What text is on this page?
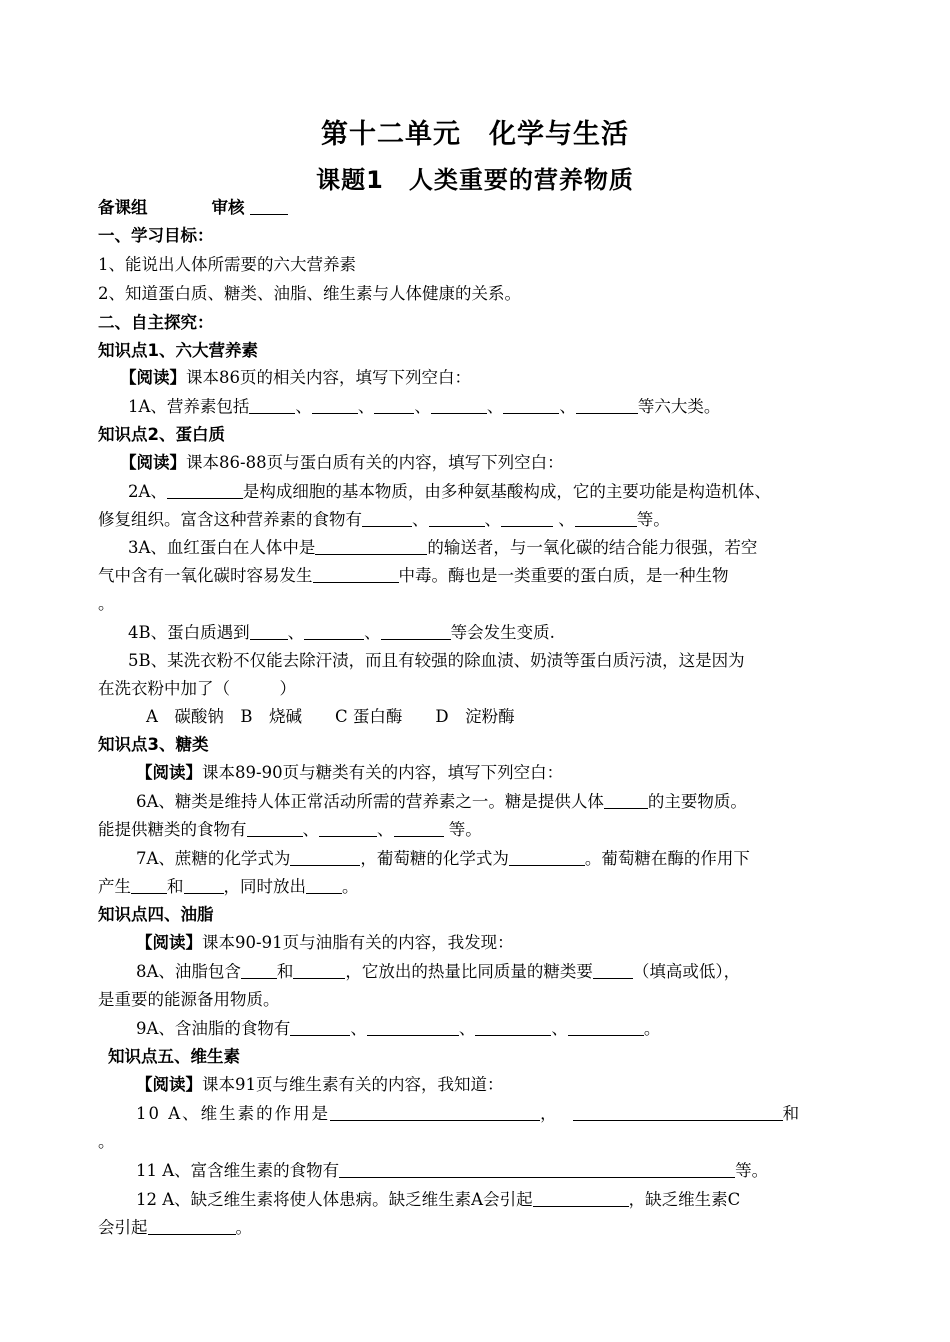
第十二单元　化学与生活
课题1　人类重要的营养物质
备课组	审核
一、学习目标：
1、能说出人体所需要的六大营养素
2、知道蛋白质、糖类、油脂、维生素与人体健康的关系。
二、自主探究：
知识点1、六大营养素
【阅读】课本86页的相关内容，填写下列空白：
1A、营养素包括	、	、 、	、	、	等六大类。
知识点2、蛋白质
【阅读】课本86-88页与蛋白质有关的内容，填写下列空白：
2A、	是构成细胞的基本物质，由多种氨基酸构成，它的主要功能是构造机体、
修复组织。富含这种营养素的食物有	、	、	、	等。
3A、血红蛋白在人体中是	的输送者，与一氧化碳的结合能力很强，若空
气中含有一氧化碳时容易发生	中毒。酶也是一类重要的蛋白质，是一种生物
。
4B、蛋白质遇到 、	、	等会发生变质.
5B、某洗衣粉不仅能去除汗渍，而且有较强的除血渍、奶渍等蛋白质污渍，这是因为
在洗衣粉中加了（　　　）
A　碳酸钠　B　烧碱　　C 蛋白酶　　D　淀粉酶
知识点3、糖类
【阅读】课本89-90页与糖类有关的内容，填写下列空白：
6A、糖类是维持人体正常活动所需的营养素之一。糖是提供人体	的主要物质。
能提供糖类的食物有	、	、	等。
7A、蔗糖的化学式为	，葡萄糖的化学式为	。葡萄糖在酶的作用下
产生 和 ，同时放出 。
知识点四、油脂
【阅读】课本90-91页与油脂有关的内容，我发现：
8A、油脂包含 和	，它放出的热量比同质量的糖类要 （填高或低），
是重要的能源备用物质。
9A、含油脂的食物有	、	、	、	。
知识点五、维生素
【阅读】课本91页与维生素有关的内容，我知道：
10 A、维生素的作用是	，	和
。
11 A、富含维生素的食物有	等。
12 A、缺乏维生素将使人体患病。缺乏维生素A会引起	，缺乏维生素C
会引起	。
